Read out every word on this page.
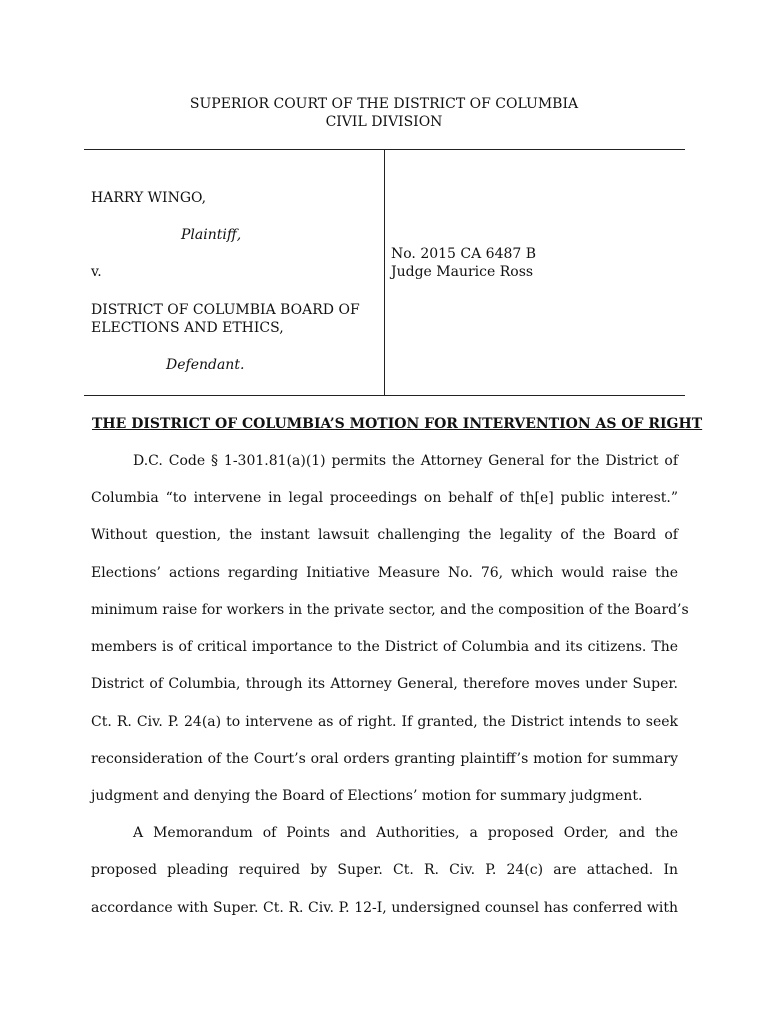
SUPERIOR COURT OF THE DISTRICT OF COLUMBIA
CIVIL DIVISION
HARRY WINGO,
Plaintiff,
v.
DISTRICT OF COLUMBIA BOARD OF
ELECTIONS AND ETHICS,
Defendant.
No. 2015 CA 6487 B
Judge Maurice Ross
THE DISTRICT OF COLUMBIA’S MOTION FOR INTERVENTION AS OF RIGHT
D.C. Code § 1-301.81(a)(1) permits the Attorney General for the District of
Columbia “to intervene in legal proceedings on behalf of th[e] public interest.”
Without question, the instant lawsuit challenging the legality of the Board of
Elections’ actions regarding Initiative Measure No. 76, which would raise the
minimum raise for workers in the private sector, and the composition of the Board’s
members is of critical importance to the District of Columbia and its citizens. The
District of Columbia, through its Attorney General, therefore moves under Super.
Ct. R. Civ. P. 24(a) to intervene as of right. If granted, the District intends to seek
reconsideration of the Court’s oral orders granting plaintiff’s motion for summary
judgment and denying the Board of Elections’ motion for summary judgment.
A Memorandum of Points and Authorities, a proposed Order, and the
proposed pleading required by Super. Ct. R. Civ. P. 24(c) are attached. In
accordance with Super. Ct. R. Civ. P. 12-I, undersigned counsel has conferred with
